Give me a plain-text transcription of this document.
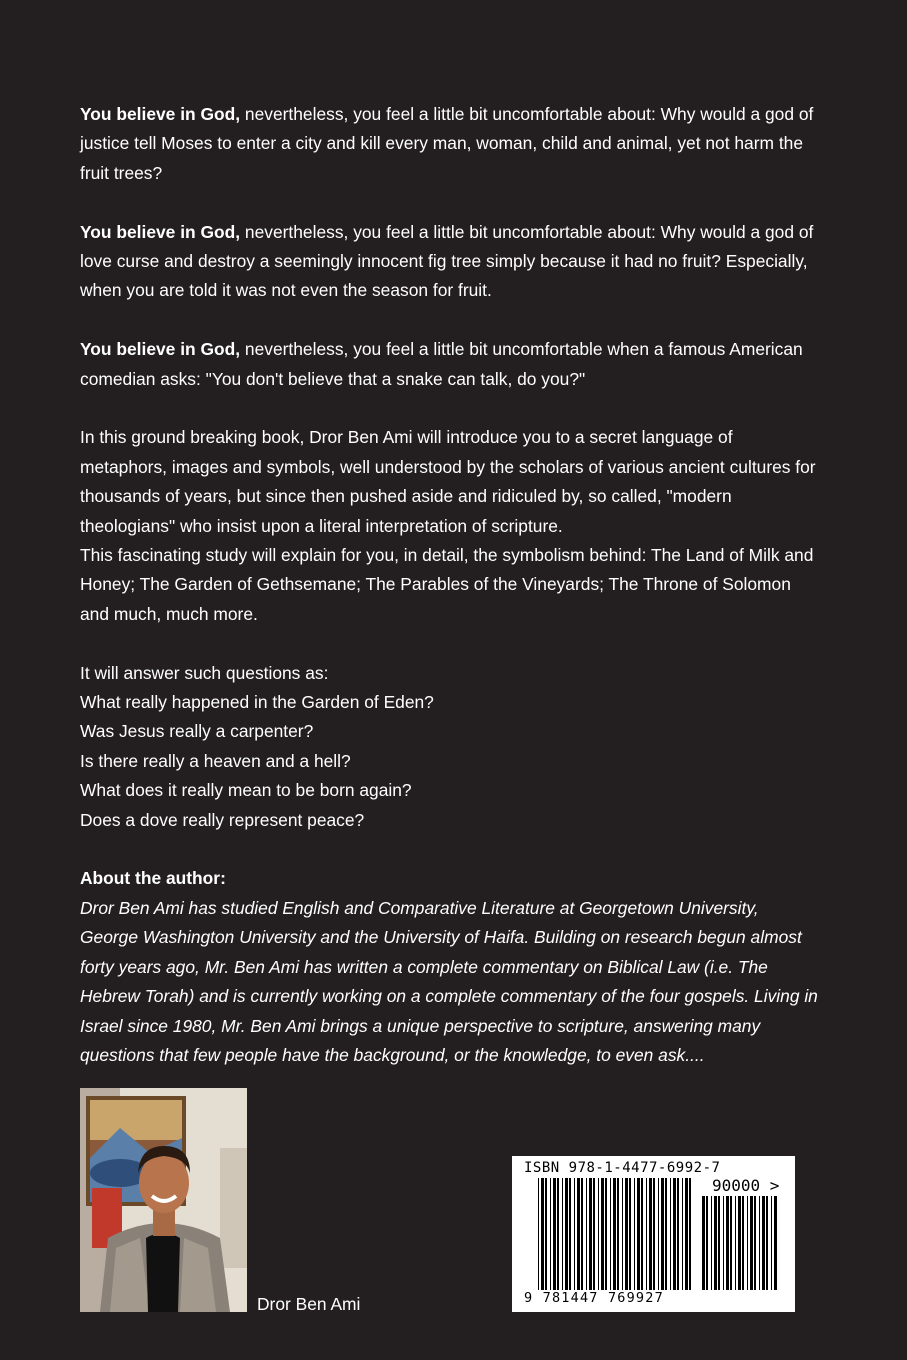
You believe in God, nevertheless, you feel a little bit uncomfortable about: Why would a god of justice tell Moses to enter a city and kill every man, woman, child and animal, yet not harm the fruit trees?

You believe in God, nevertheless, you feel a little bit uncomfortable about: Why would a god of love curse and destroy a seemingly innocent fig tree simply because it had no fruit? Especially, when you are told it was not even the season for fruit.

You believe in God, nevertheless, you feel a little bit uncomfortable when a famous American comedian asks: "You don't believe that a snake can talk, do you?"

In this ground breaking book, Dror Ben Ami will introduce you to a secret language of metaphors, images and symbols, well understood by the scholars of various ancient cultures for thousands of years, but since then pushed aside and ridiculed by, so called, "modern theologians" who insist upon a literal interpretation of scripture.
This fascinating study will explain for you, in detail, the symbolism behind: The Land of Milk and Honey; The Garden of Gethsemane; The Parables of the Vineyards; The Throne of Solomon and much, much more.

It will answer such questions as:
What really happened in the Garden of Eden?
Was Jesus really a carpenter?
Is there really a heaven and a hell?
What does it really mean to be born again?
Does a dove really represent peace?

About the author:
Dror Ben Ami has studied English and Comparative Literature at Georgetown University, George Washington University and the University of Haifa. Building on research begun almost forty years ago, Mr. Ben Ami has written a complete commentary on Biblical Law (i.e. The Hebrew Torah) and is currently working on a complete commentary of the four gospels. Living in Israel since 1980, Mr. Ben Ami brings a unique perspective to scripture, answering many questions that few people have the background, or the knowledge, to even ask....

Dror Ben Ami
ISBN 978-1-4477-6992-7
90000 >
9 781447 769927
